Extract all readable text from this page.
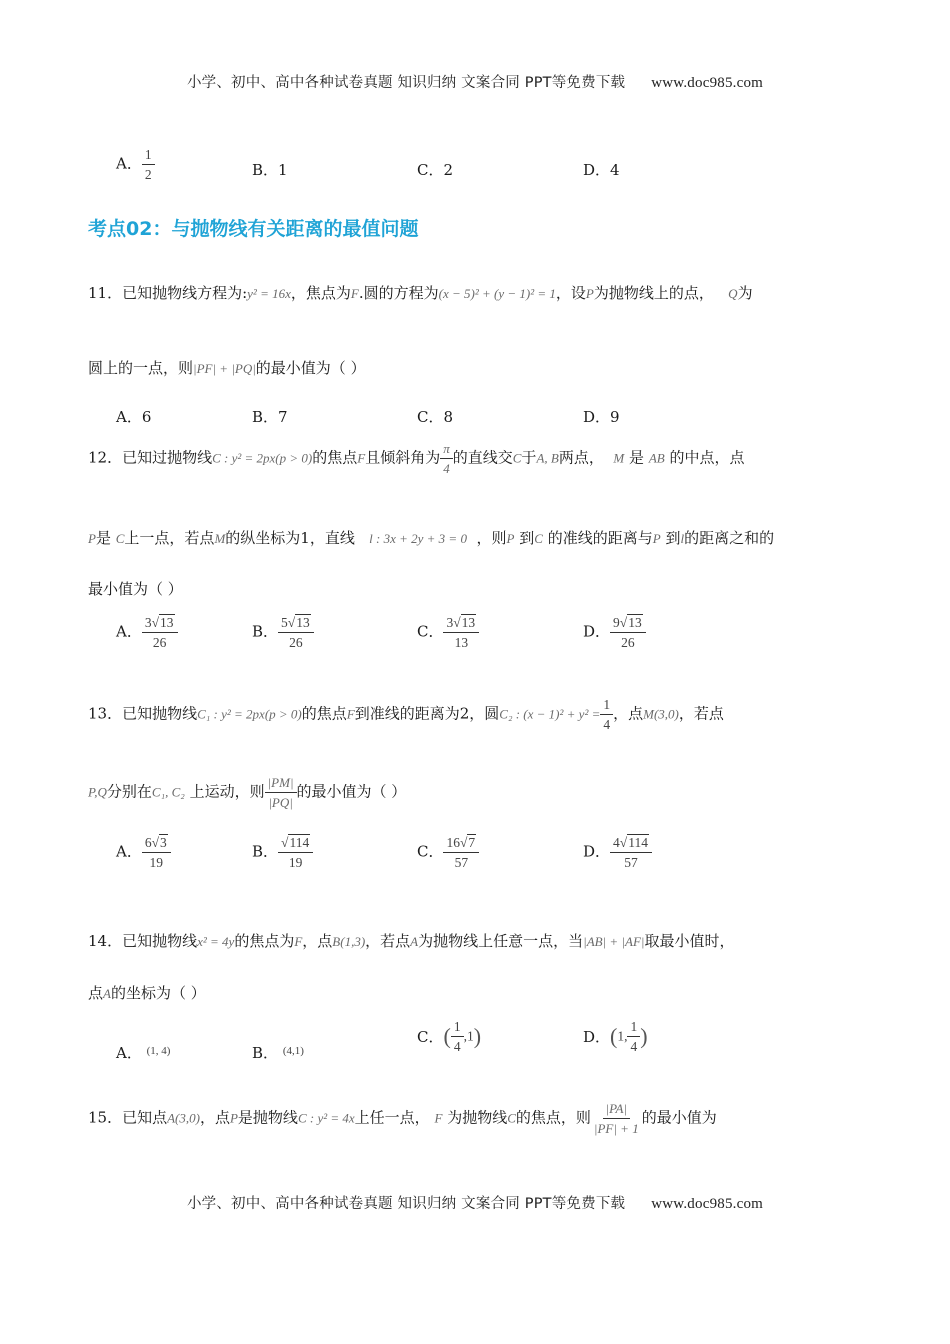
小学、初中、高中各种试卷真题 知识归纳 文案合同 PPT等免费下载 www.doc985.com
A． $\frac{1}{2}$	B．1	C．2	D．4
考点02：与抛物线有关距离的最值问题
11．已知抛物线方程为:y² = 16x，焦点为F.圆的方程为(x − 5)² + (y − 1)² = 1，设P为抛物线上的点， Q为
圆上的一点，则|PF| + |PQ|的最小值为（ ）
A．6	B．7	C．8	D．9
12．已知过抛物线C : y² = 2px(p > 0)的焦点F且倾斜角为 $\frac{\pi}{4}$ 的直线交C于A, B两点， M 是 AB 的中点，点
P是 C上一点，若点M的纵坐标为1，直线 l : 3x + 2y + 3 = 0 ，则P 到C 的准线的距离与P 到l的距离之和的
最小值为（ ）
A． $\frac{3√13}{26}$	B． $\frac{5√13}{26}$	C． $\frac{3√13}{13}$	D． $\frac{9√13}{26}$
13．已知抛物线C₁ : y² = 2px(p > 0)的焦点F到准线的距离为2，圆C₂ : $(x - 1)^2 + y^2 = \frac{1}{4}$ ，点M(3,0)，若点
P,Q分别在C₁, C₂ 上运动，则 $\frac{|PM|}{|PQ|}$ 的最小值为（ ）
A． $\frac{6√3}{19}$	B． $\frac{√114}{19}$	C． $\frac{16√7}{57}$	D． $\frac{4√114}{57}$
14．已知抛物线x² = 4y的焦点为F，点B(1,3)，若点A为抛物线上任意一点，当|AB| + |AF|取最小值时，
点A的坐标为（ ）
A． $^{(1, 4)}$	B． $^{(4,1)}$
C．( $\frac{1}{4} ,1$)	D．(1, $\frac{1}{4}$ )
15．已知点A(3,0)，点P是抛物线C : y² = 4x上任一点， F 为抛物线C的焦点，则 $\frac{|PA|}{|PF| + 1}$ 的最小值为
小学、初中、高中各种试卷真题 知识归纳 文案合同 PPT等免费下载 www.doc985.com
